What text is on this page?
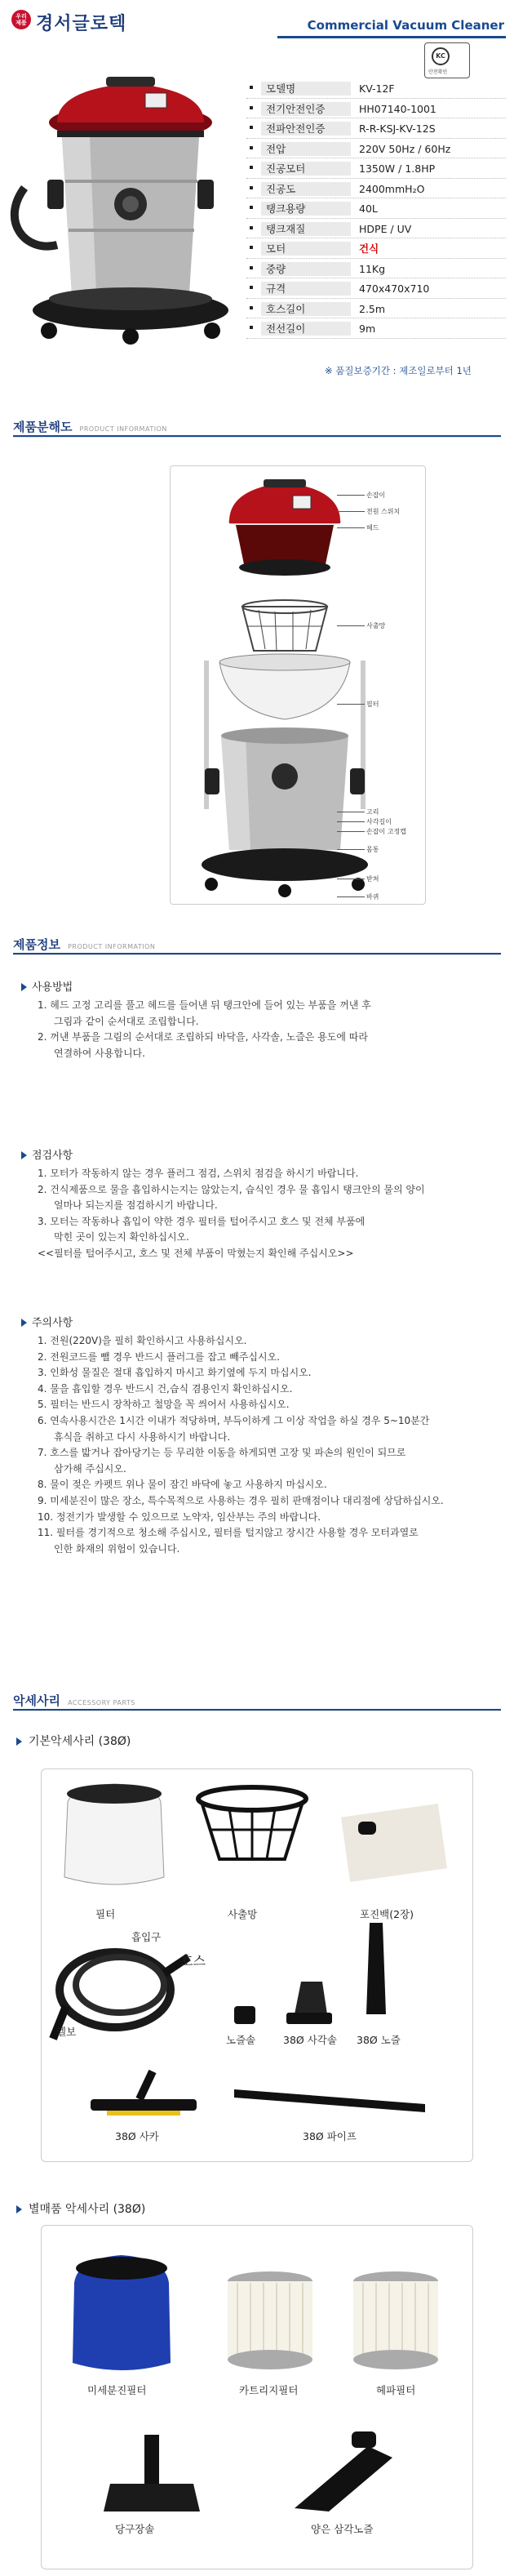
우리
제품 경서글로텍	Commercial Vacuum Cleaner
KC
안전확인
모델명	KV-12F
전기안전인증	HH07140-1001
전파안전인증	R-R-KSJ-KV-12S
전압	220V 50Hz / 60Hz
진공모터	1350W / 1.8HP
진공도	2400mmH₂O
탱크용량	40L
탱크재질	HDPE / UV
모터	건식
중량	11Kg
규격	470x470x710
호스길이	2.5m
전선길이	9m
※ 품질보증기간 : 제조일로부터 1년
제품분해도 PRODUCT INFORMATION
손잡이
전원 스위치
헤드
사출망
필터
고리
사각길이
손잡이 고정캡
몸통
받쳐
바퀴
제품정보 PRODUCT INFORMATION
사용방법
1. 헤드 고정 고리를 풀고 헤드를 들어낸 뒤 탱크안에 들어 있는 부품을 꺼낸 후
그림과 같이 순서대로 조립합니다.
2. 꺼낸 부품을 그림의 순서대로 조립하되 바닥을, 사각솔, 노즐은 용도에 따라
연결하여 사용합니다.
점검사항
1. 모터가 작동하지 않는 경우 플러그 점검, 스위치 점검을 하시기 바랍니다.
2. 건식제품으로 물을 흡입하시는지는 않았는지, 습식인 경우 물 흡입시 탱크안의 물의 양이
얼마나 되는지를 점검하시기 바랍니다.
3. 모터는 작동하나 흡입이 약한 경우 필터를 털어주시고 호스 및 전체 부품에
막힌 곳이 있는지 확인하십시오.
<<필터를 털어주시고, 호스 및 전체 부품이 막혔는지 확인해 주십시오>>
주의사항
1. 전원(220V)을 필히 확인하시고 사용하십시오.
2. 전원코드를 뺄 경우 반드시 플러그를 잡고 빼주십시오.
3. 인화성 물질은 절대 흡입하지 마시고 화기옆에 두지 마십시오.
4. 물을 흡입할 경우 반드시 건,습식 겸용인지 확인하십시오.
5. 필터는 반드시 장착하고 철망을 꼭 씌어서 사용하십시오.
6. 연속사용시간은 1시간 이내가 적당하며, 부득이하게 그 이상 작업을 하실 경우 5~10분간
휴식을 취하고 다시 사용하시기 바랍니다.
7. 호스를 밟거나 잡아당기는 등 무리한 이동을 하게되면 고장 및 파손의 원인이 되므로
삼가해 주십시오.
8. 물이 젖은 카펫트 위나 물이 잠긴 바닥에 놓고 사용하지 마십시오.
9. 미세분진이 많은 장소, 특수목적으로 사용하는 경우 필히 판매점이나 대리점에 상담하십시오.
10. 정전기가 발생할 수 있으므로 노약자, 임산부는 주의 바랍니다.
11. 필터를 경기적으로 청소해 주십시오, 필터를 털지않고 장시간 사용할 경우 모터과열로
인한 화재의 위험이 있습니다.
악세사리 ACCESSORY PARTS
기본악세사리 (38Ø)
필터	사출망	포진백(2장)
흡입구
호스
엘보
노즐솔	38Ø 사각솔 38Ø 노즐
38Ø 사카	38Ø 파이프
별매품 악세사리 (38Ø)
미세분진필터	카트리지필터	헤파필터
당구장솔	양은 삼각노즐
